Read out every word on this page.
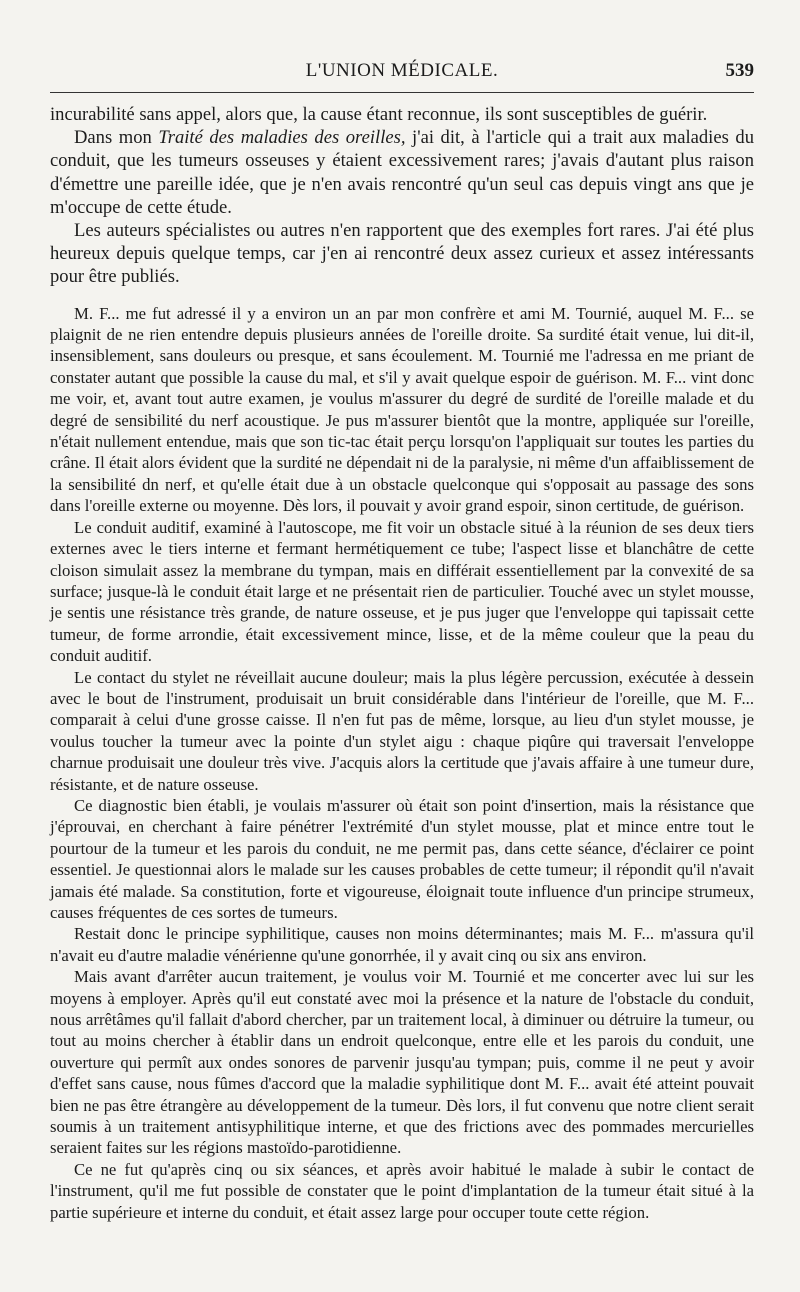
L'UNION MÉDICALE.	539

incurabilité sans appel, alors que, la cause étant reconnue, ils sont susceptibles de guérir.

Dans mon Traité des maladies des oreilles, j'ai dit, à l'article qui a trait aux maladies du conduit, que les tumeurs osseuses y étaient excessivement rares; j'avais d'autant plus raison d'émettre une pareille idée, que je n'en avais rencontré qu'un seul cas depuis vingt ans que je m'occupe de cette étude.

Les auteurs spécialistes ou autres n'en rapportent que des exemples fort rares. J'ai été plus heureux depuis quelque temps, car j'en ai rencontré deux assez curieux et assez intéressants pour être publiés.

M. F... me fut adressé il y a environ un an par mon confrère et ami M. Tournié, auquel M. F... se plaignit de ne rien entendre depuis plusieurs années de l'oreille droite. Sa surdité était venue, lui dit-il, insensiblement, sans douleurs ou presque, et sans écoulement. M. Tournié me l'adressa en me priant de constater autant que possible la cause du mal, et s'il y avait quelque espoir de guérison. M. F... vint donc me voir, et, avant tout autre examen, je voulus m'assurer du degré de surdité de l'oreille malade et du degré de sensibilité du nerf acoustique. Je pus m'assurer bientôt que la montre, appliquée sur l'oreille, n'était nullement entendue, mais que son tic-tac était perçu lorsqu'on l'appliquait sur toutes les parties du crâne. Il était alors évident que la surdité ne dépendait ni de la paralysie, ni même d'un affaiblissement de la sensibilité dn nerf, et qu'elle était due à un obstacle quelconque qui s'opposait au passage des sons dans l'oreille externe ou moyenne. Dès lors, il pouvait y avoir grand espoir, sinon certitude, de guérison.

Le conduit auditif, examiné à l'autoscope, me fit voir un obstacle situé à la réunion de ses deux tiers externes avec le tiers interne et fermant hermétiquement ce tube; l'aspect lisse et blanchâtre de cette cloison simulait assez la membrane du tympan, mais en différait essentiellement par la convexité de sa surface; jusque-là le conduit était large et ne présentait rien de particulier. Touché avec un stylet mousse, je sentis une résistance très grande, de nature osseuse, et je pus juger que l'enveloppe qui tapissait cette tumeur, de forme arrondie, était excessivement mince, lisse, et de la même couleur que la peau du conduit auditif.

Le contact du stylet ne réveillait aucune douleur; mais la plus légère percussion, exécutée à dessein avec le bout de l'instrument, produisait un bruit considérable dans l'intérieur de l'oreille, que M. F... comparait à celui d'une grosse caisse. Il n'en fut pas de même, lorsque, au lieu d'un stylet mousse, je voulus toucher la tumeur avec la pointe d'un stylet aigu : chaque piqûre qui traversait l'enveloppe charnue produisait une douleur très vive. J'acquis alors la certitude que j'avais affaire à une tumeur dure, résistante, et de nature osseuse.

Ce diagnostic bien établi, je voulais m'assurer où était son point d'insertion, mais la résistance que j'éprouvai, en cherchant à faire pénétrer l'extrémité d'un stylet mousse, plat et mince entre tout le pourtour de la tumeur et les parois du conduit, ne me permit pas, dans cette séance, d'éclairer ce point essentiel. Je questionnai alors le malade sur les causes probables de cette tumeur; il répondit qu'il n'avait jamais été malade. Sa constitution, forte et vigoureuse, éloignait toute influence d'un principe strumeux, causes fréquentes de ces sortes de tumeurs.

Restait donc le principe syphilitique, causes non moins déterminantes; mais M. F... m'assura qu'il n'avait eu d'autre maladie vénérienne qu'une gonorrhée, il y avait cinq ou six ans environ.

Mais avant d'arrêter aucun traitement, je voulus voir M. Tournié et me concerter avec lui sur les moyens à employer. Après qu'il eut constaté avec moi la présence et la nature de l'obstacle du conduit, nous arrêtâmes qu'il fallait d'abord chercher, par un traitement local, à diminuer ou détruire la tumeur, ou tout au moins chercher à établir dans un endroit quelconque, entre elle et les parois du conduit, une ouverture qui permît aux ondes sonores de parvenir jusqu'au tympan; puis, comme il ne peut y avoir d'effet sans cause, nous fûmes d'accord que la maladie syphilitique dont M. F... avait été atteint pouvait bien ne pas être étrangère au développement de la tumeur. Dès lors, il fut convenu que notre client serait soumis à un traitement antisyphilitique interne, et que des frictions avec des pommades mercurielles seraient faites sur les régions mastoïdo-parotidienne.

Ce ne fut qu'après cinq ou six séances, et après avoir habitué le malade à subir le contact de l'instrument, qu'il me fut possible de constater que le point d'implantation de la tumeur était situé à la partie supérieure et interne du conduit, et était assez large pour occuper toute cette région.
